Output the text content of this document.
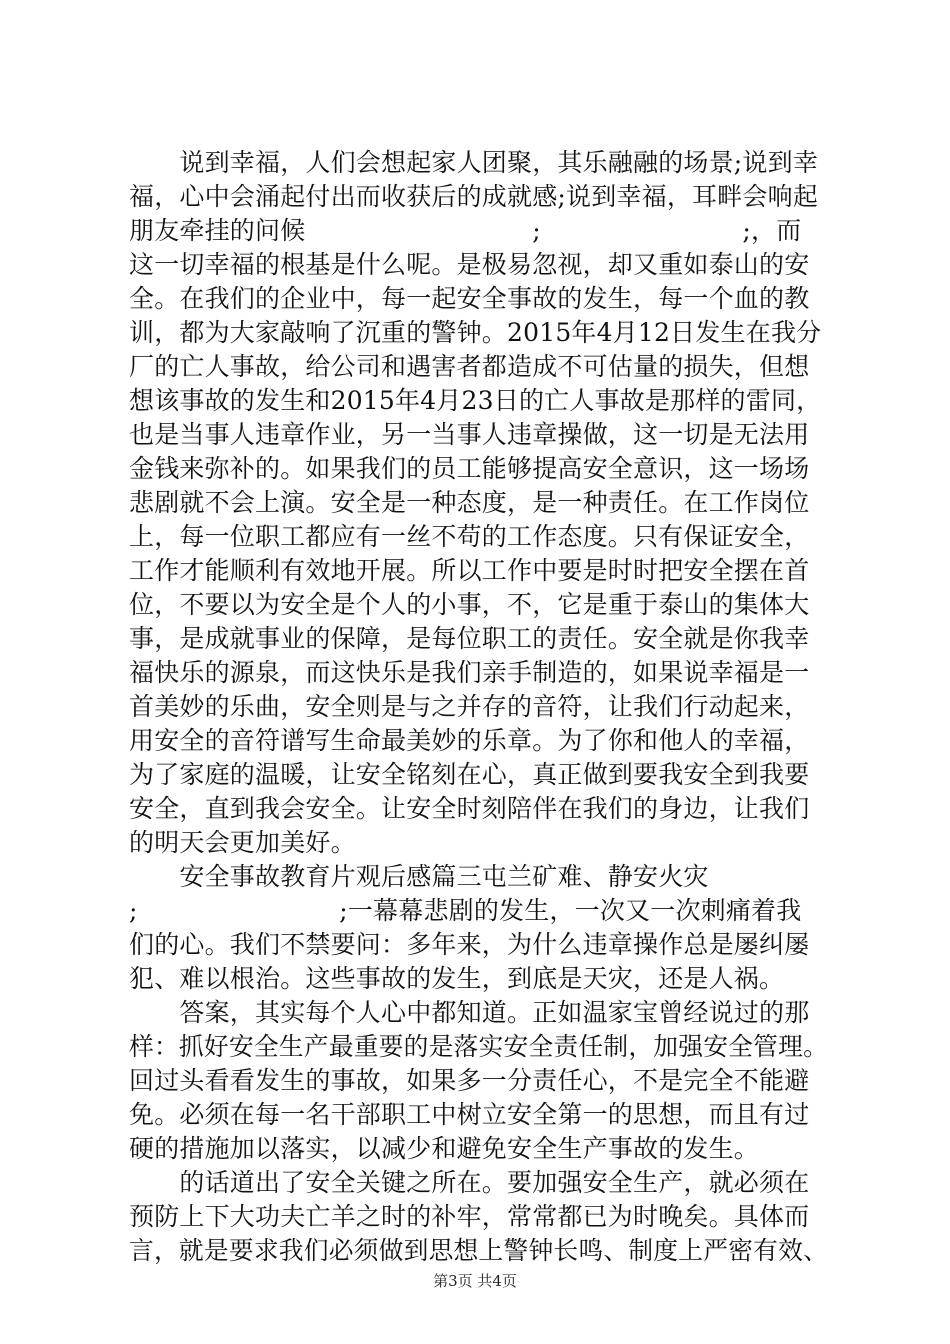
　　说到幸福，人们会想起家人团聚，其乐融融的场景;说到幸
福，心中会涌起付出而收获后的成就感;说到幸福，耳畔会响起
朋友牵挂的问候　　　　　　　　　;　　　　　　　　;，而
这一切幸福的根基是什么呢。是极易忽视，却又重如泰山的安
全。在我们的企业中，每一起安全事故的发生，每一个血的教
训，都为大家敲响了沉重的警钟。2015年4月12日发生在我分
厂的亡人事故，给公司和遇害者都造成不可估量的损失，但想
想该事故的发生和2015年4月23日的亡人事故是那样的雷同，
也是当事人违章作业，另一当事人违章操做，这一切是无法用
金钱来弥补的。如果我们的员工能够提高安全意识，这一场场
悲剧就不会上演。安全是一种态度，是一种责任。在工作岗位
上，每一位职工都应有一丝不苟的工作态度。只有保证安全，
工作才能顺利有效地开展。所以工作中要是时时把安全摆在首
位，不要以为安全是个人的小事，不，它是重于泰山的集体大
事，是成就事业的保障，是每位职工的责任。安全就是你我幸
福快乐的源泉，而这快乐是我们亲手制造的，如果说幸福是一
首美妙的乐曲，安全则是与之并存的音符，让我们行动起来，
用安全的音符谱写生命最美妙的乐章。为了你和他人的幸福，
为了家庭的温暖，让安全铭刻在心，真正做到要我安全到我要
安全，直到我会安全。让安全时刻陪伴在我们的身边，让我们
的明天会更加美好。
　　安全事故教育片观后感篇三屯兰矿难、静安火灾
;　　　　　　　　;一幕幕悲剧的发生，一次又一次刺痛着我
们的心。我们不禁要问：多年来，为什么违章操作总是屡纠屡
犯、难以根治。这些事故的发生，到底是天灾，还是人祸。
　　答案，其实每个人心中都知道。正如温家宝曾经说过的那
样：抓好安全生产最重要的是落实安全责任制，加强安全管理。
回过头看看发生的事故，如果多一分责任心，不是完全不能避
免。必须在每一名干部职工中树立安全第一的思想，而且有过
硬的措施加以落实，以减少和避免安全生产事故的发生。
　　的话道出了安全关键之所在。要加强安全生产，就必须在
预防上下大功夫亡羊之时的补牢，常常都已为时晚矣。具体而
言，就是要求我们必须做到思想上警钟长鸣、制度上严密有效、
第3页 共4页
